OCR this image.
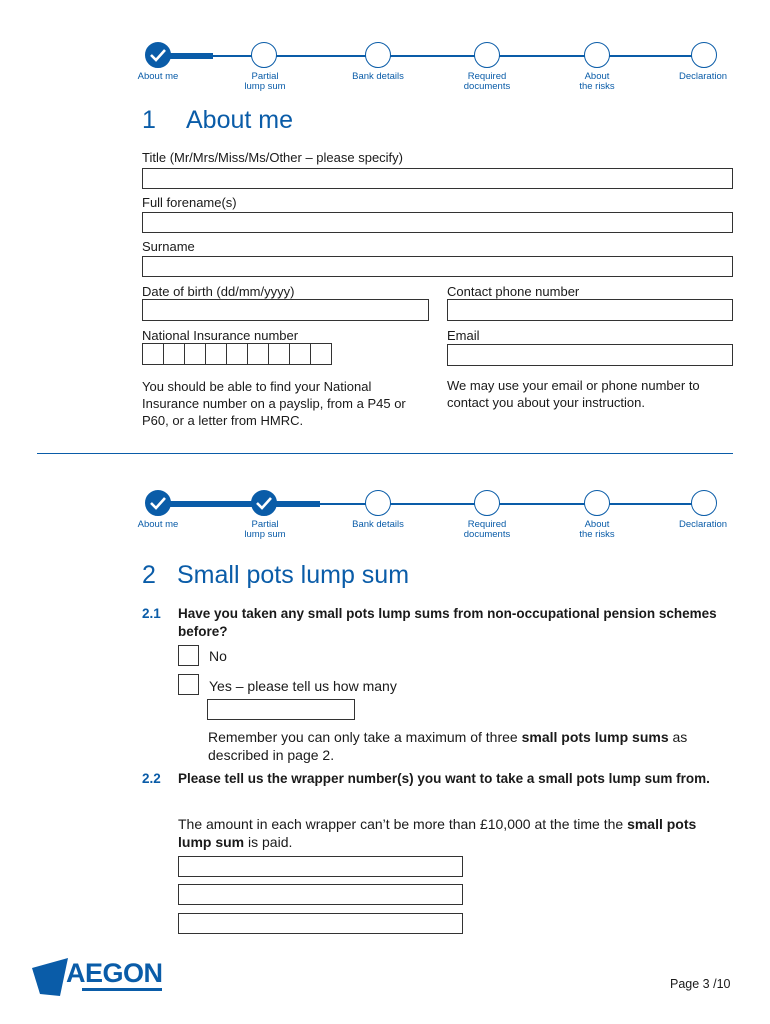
About me	Partial
lump sum
Bank details	Required
documents
About
the risks
Declaration
1 About me
Title (Mr/Mrs/Miss/Ms/Other – please specify)
Full forename(s)
Surname
Date of birth (dd/mm/yyyy)	Contact phone number
National Insurance number	Email
You should be able to find your National Insurance number on a payslip, from a P45 or P60, or a letter from HMRC.
We may use your email or phone number to contact you about your instruction.
About me	Partial
lump sum
Bank details	Required
documents
About
the risks
Declaration
2 Small pots lump sum
2.1 Have you taken any small pots lump sums from non-occupational pension schemes before?
No
Yes – please tell us how many
Remember you can only take a maximum of three small pots lump sums as described in page 2.
2.2 Please tell us the wrapper number(s) you want to take a small pots lump sum from.
The amount in each wrapper can’t be more than £10,000 at the time the small pots lump sum is paid.
AEGON	Page 3 /10
